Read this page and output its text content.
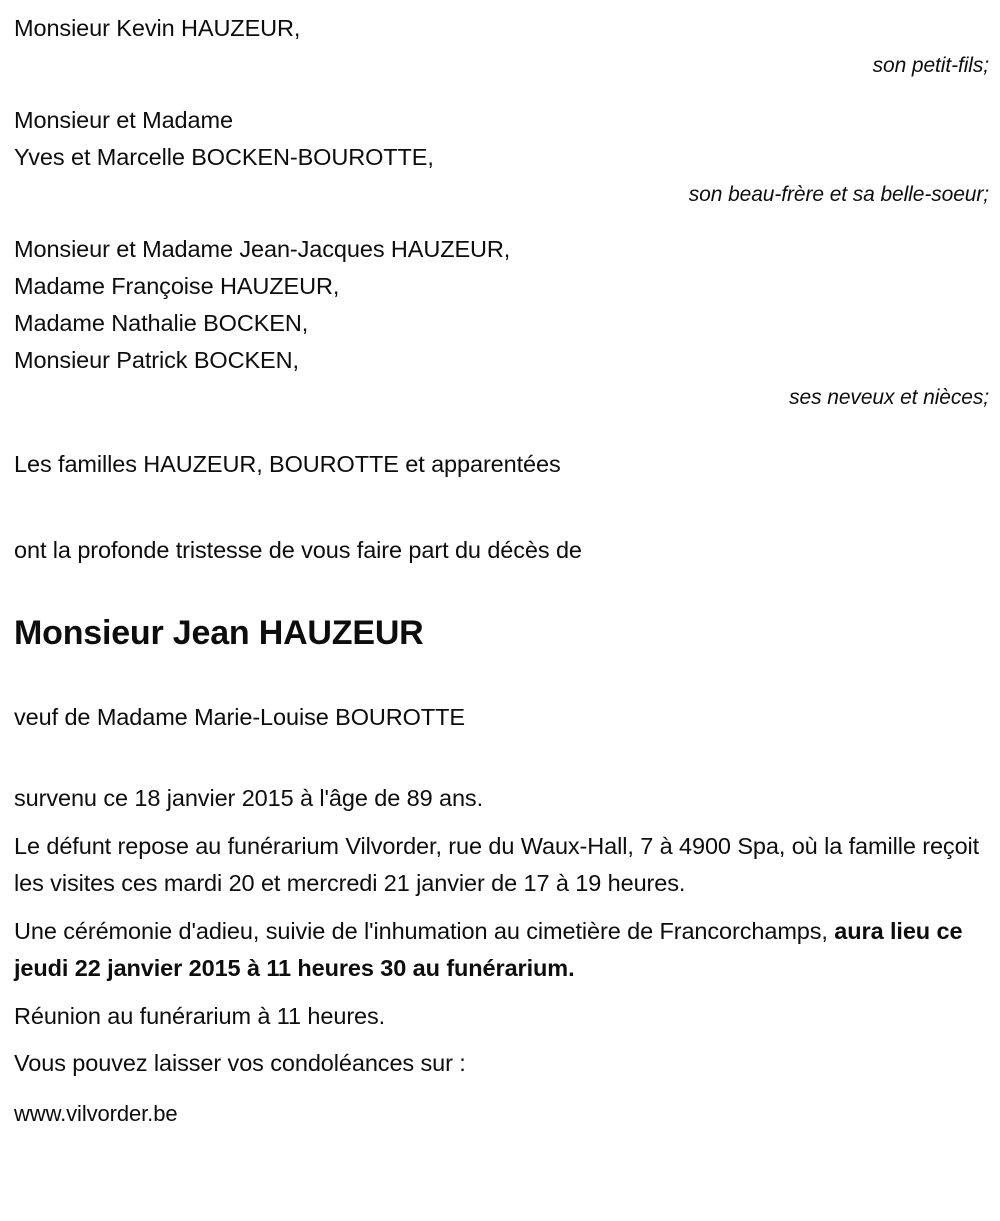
Monsieur Kevin HAUZEUR,
son petit-fils;
Monsieur et Madame
Yves et Marcelle BOCKEN-BOUROTTE,
son beau-frère et sa belle-soeur;
Monsieur et Madame Jean-Jacques HAUZEUR,
Madame Françoise HAUZEUR,
Madame Nathalie BOCKEN,
Monsieur Patrick BOCKEN,
ses neveux et nièces;
Les familles HAUZEUR, BOUROTTE et apparentées
ont la profonde tristesse de vous faire part du décès de
Monsieur Jean HAUZEUR
veuf de Madame Marie-Louise BOUROTTE
survenu ce 18 janvier 2015 à l'âge de 89 ans.
Le défunt repose au funérarium Vilvorder, rue du Waux-Hall, 7 à 4900 Spa, où la famille reçoit les visites ces mardi 20 et mercredi 21 janvier de 17 à 19 heures.
Une cérémonie d'adieu, suivie de l'inhumation au cimetière de Francorchamps, aura lieu ce jeudi 22 janvier 2015 à 11 heures 30 au funérarium.
Réunion au funérarium à 11 heures.
Vous pouvez laisser vos condoléances sur :
www.vilvorder.be
